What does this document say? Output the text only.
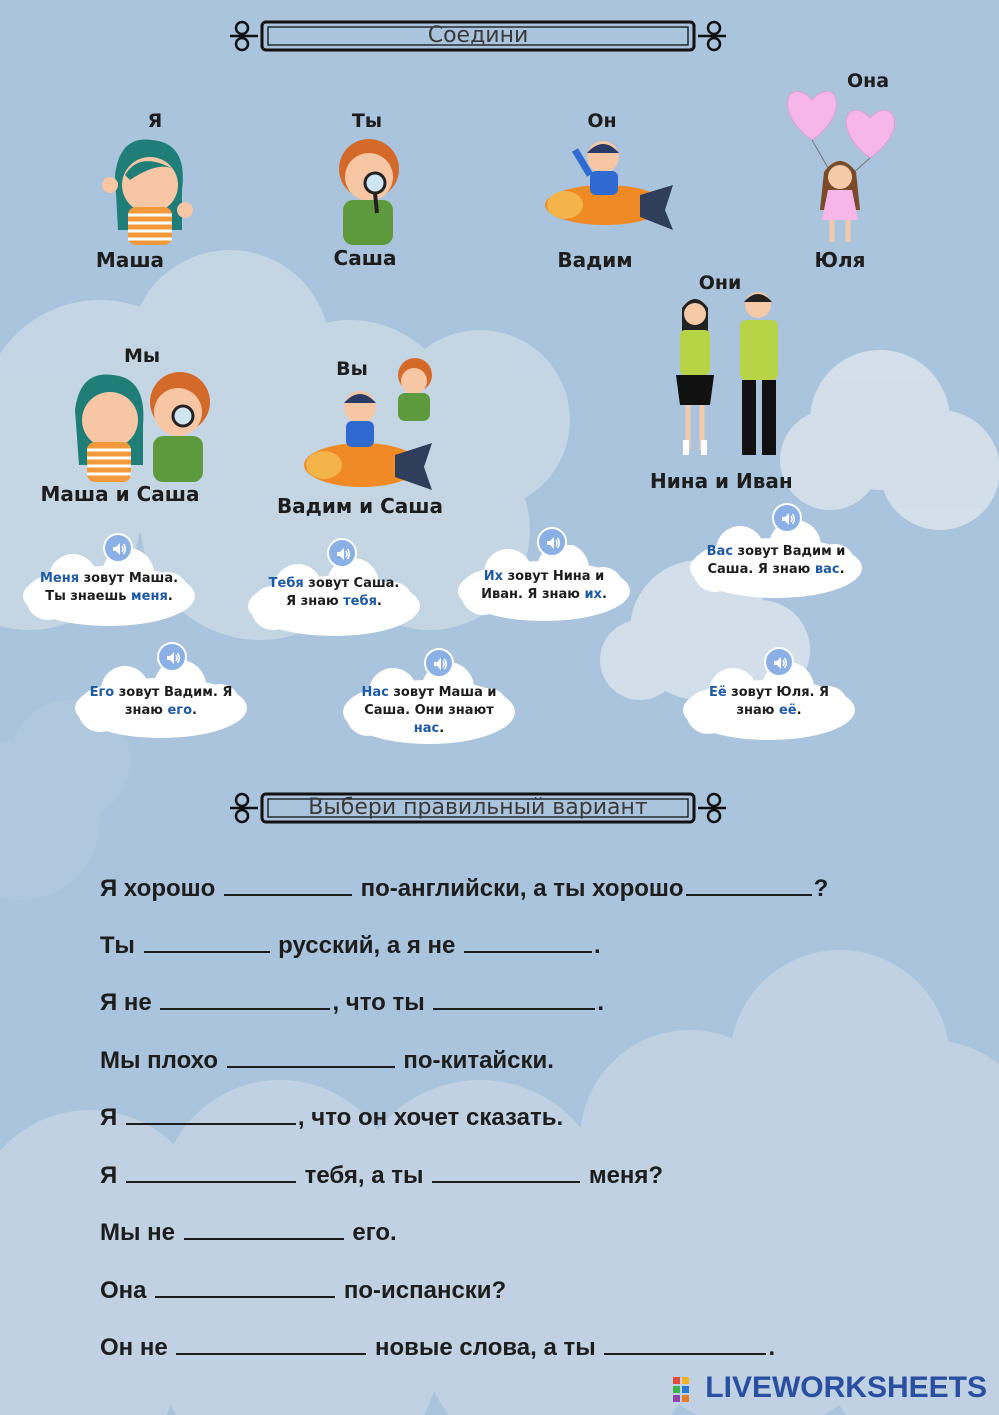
Соедини
Я
Маша
Ты
Саша
Он
Вадим
Она
Юля
Они
Нина и Иван
Мы
Маша и Саша
Вы
Вадим и Саша
Меня зовут Маша.
Ты знаешь меня.
Тебя зовут Саша.
Я знаю тебя.
Их зовут Нина и
Иван. Я знаю их.
Вас зовут Вадим и
Саша. Я знаю вас.
Его зовут Вадим. Я
знаю его.
Нас зовут Маша и
Саша. Они знают
нас.
Её зовут Юля. Я
знаю её.
Выбери правильный вариант
Я хорошо	по-английски, а ты хорошо	?
Ты	русский, а я не	.
Я не	, что ты	.
Мы плохо	по-китайски.
Я	, что он хочет сказать.
Я	тебя, а ты	меня?
Мы не	его.
Она	по-испански?
Он не	новые слова, а ты	.
LIVEWORKSHEETS
